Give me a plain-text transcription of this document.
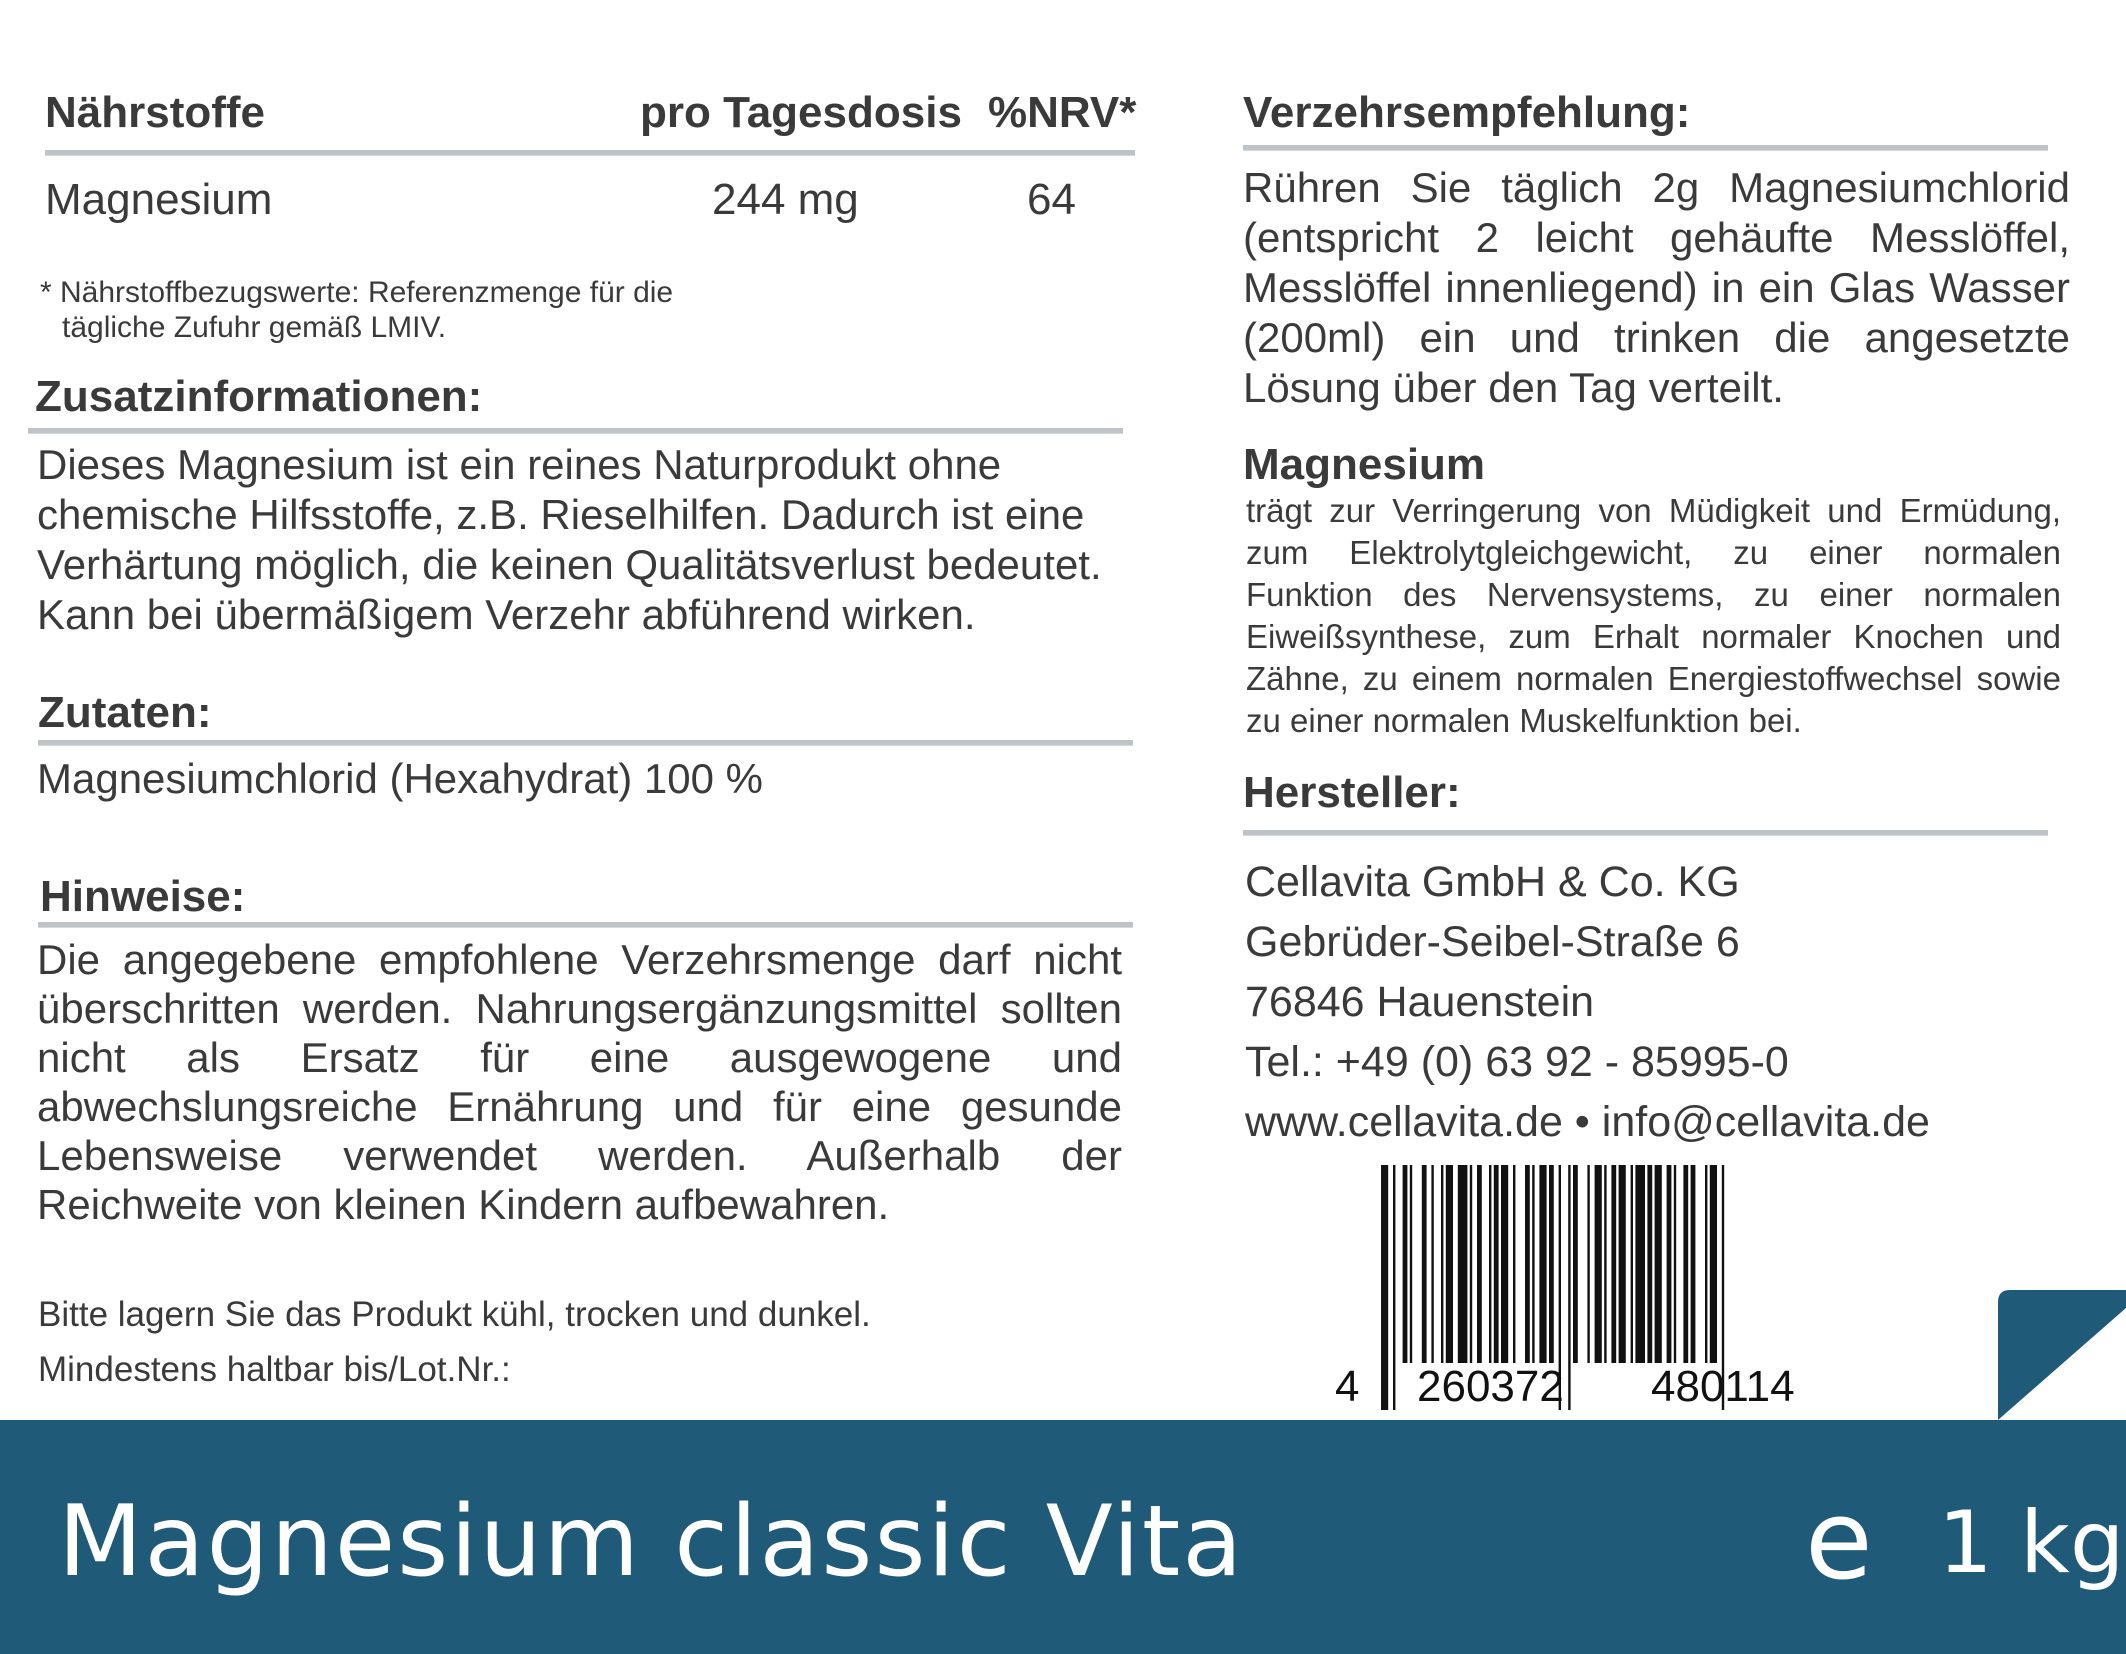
Nährstoffe	pro Tagesdosis %NRV*
Magnesium	244 mg	64
* Nährstoffbezugswerte: Referenzmenge für die
tägliche Zufuhr gemäß LMIV.
Zusatzinformationen:
Dieses Magnesium ist ein reines Naturprodukt ohne chemische Hilfsstoffe, z.B. Rieselhilfen. Dadurch ist eine Verhärtung möglich, die keinen Qualitätsverlust bedeutet. Kann bei übermäßigem Verzehr abführend wirken.
Zutaten:
Magnesiumchlorid (Hexahydrat) 100 %
Hinweise:
Die angegebene empfohlene Verzehrsmenge darf nicht überschritten werden. Nahrungsergänzungsmittel sollten nicht als Ersatz für eine ausgewogene und abwechslungsreiche Ernährung und für eine gesunde Lebensweise verwendet werden. Außerhalb der Reichweite von kleinen Kindern aufbewahren.
Bitte lagern Sie das Produkt kühl, trocken und dunkel.
Mindestens haltbar bis/Lot.Nr.:
Verzehrsempfehlung:
Rühren Sie täglich 2g Magnesiumchlorid (entspricht 2 leicht gehäufte Messlöffel, Messlöffel innenliegend) in ein Glas Wasser (200ml) ein und trinken die angesetzte Lösung über den Tag verteilt.
Magnesium
trägt zur Verringerung von Müdigkeit und Ermüdung, zum Elektrolytgleichgewicht, zu einer normalen Funktion des Nervensystems, zu einer normalen Eiweißsynthese, zum Erhalt normaler Knochen und Zähne, zu einem normalen Energiestoffwechsel sowie zu einer normalen Muskelfunktion bei.
Hersteller:
Cellavita GmbH & Co. KG
Gebrüder-Seibel-Straße 6
76846 Hauenstein
Tel.: +49 (0) 63 92 - 85995-0
www.cellavita.de • info@cellavita.de
4 260372 480114
Magnesium classic Vita	e 1 kg
